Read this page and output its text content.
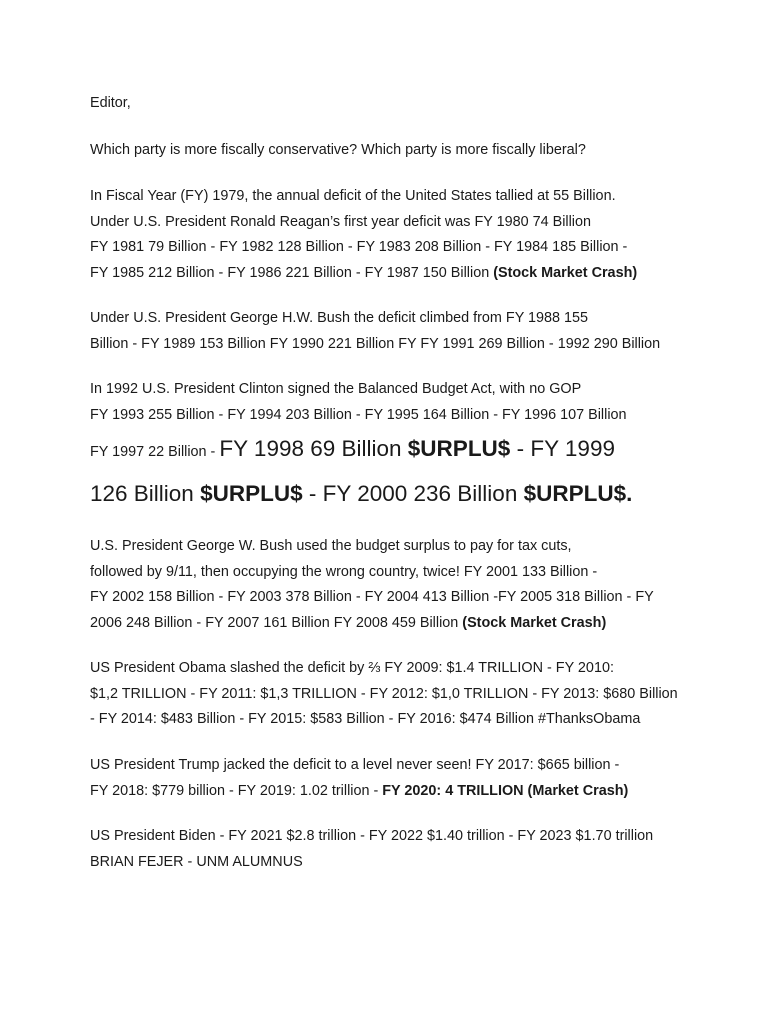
Editor,
Which party is more fiscally conservative? Which party is more fiscally liberal?
In Fiscal Year (FY) 1979, the annual deficit of the United States tallied at 55 Billion.
Under U.S. President Ronald Reagan’s first year deficit was FY 1980 74 Billion
FY 1981 79 Billion - FY 1982 128 Billion - FY 1983 208 Billion - FY 1984 185 Billion -
FY 1985 212 Billion - FY 1986 221 Billion - FY 1987 150 Billion (Stock Market Crash)
Under U.S. President George H.W. Bush the deficit climbed from FY 1988 155
Billion - FY 1989 153 Billion FY 1990 221 Billion FY FY 1991 269 Billion - 1992 290 Billion
In 1992 U.S. President Clinton signed the Balanced Budget Act, with no GOP
FY 1993 255 Billion - FY 1994 203 Billion - FY 1995 164 Billion - FY 1996 107 Billion
FY 1997 22 Billion - FY 1998 69 Billion $URPLU$ - FY 1999
126 Billion $URPLU$ - FY 2000 236 Billion $URPLU$.
U.S. President George W. Bush used the budget surplus to pay for tax cuts,
followed by 9/11, then occupying the wrong country, twice! FY 2001 133 Billion -
FY 2002 158 Billion - FY 2003 378 Billion - FY 2004 413 Billion -FY 2005 318 Billion - FY
2006 248 Billion - FY 2007 161 Billion FY 2008 459 Billion (Stock Market Crash)
US President Obama slashed the deficit by ⅔ FY 2009: $1.4 TRILLION - FY 2010:
$1,2 TRILLION - FY 2011: $1,3 TRILLION - FY 2012: $1,0 TRILLION - FY 2013: $680 Billion
- FY 2014: $483 Billion - FY 2015: $583 Billion - FY 2016: $474 Billion #ThanksObama
US President Trump jacked the deficit to a level never seen! FY 2017: $665 billion -
FY 2018: $779 billion - FY 2019: 1.02 trillion - FY 2020: 4 TRILLION (Market Crash)
US President Biden - FY 2021 $2.8 trillion - FY 2022 $1.40 trillion - FY 2023 $1.70 trillion
BRIAN FEJER - UNM ALUMNUS
